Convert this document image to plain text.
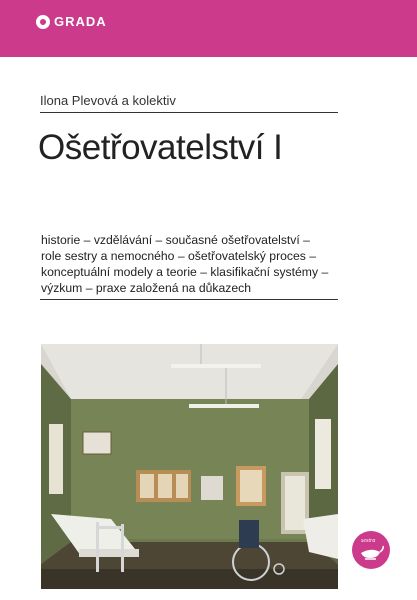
GRADA
Ilona Plevová a kolektiv
Ošetřovatelství I
historie – vzdělávání – současné ošetřovatelství –
role sestry a nemocného – ošetřovatelský proces –
konceptuální modely a teorie – klasifikační systémy –
výzkum – praxe založená na důkazech
sestra
